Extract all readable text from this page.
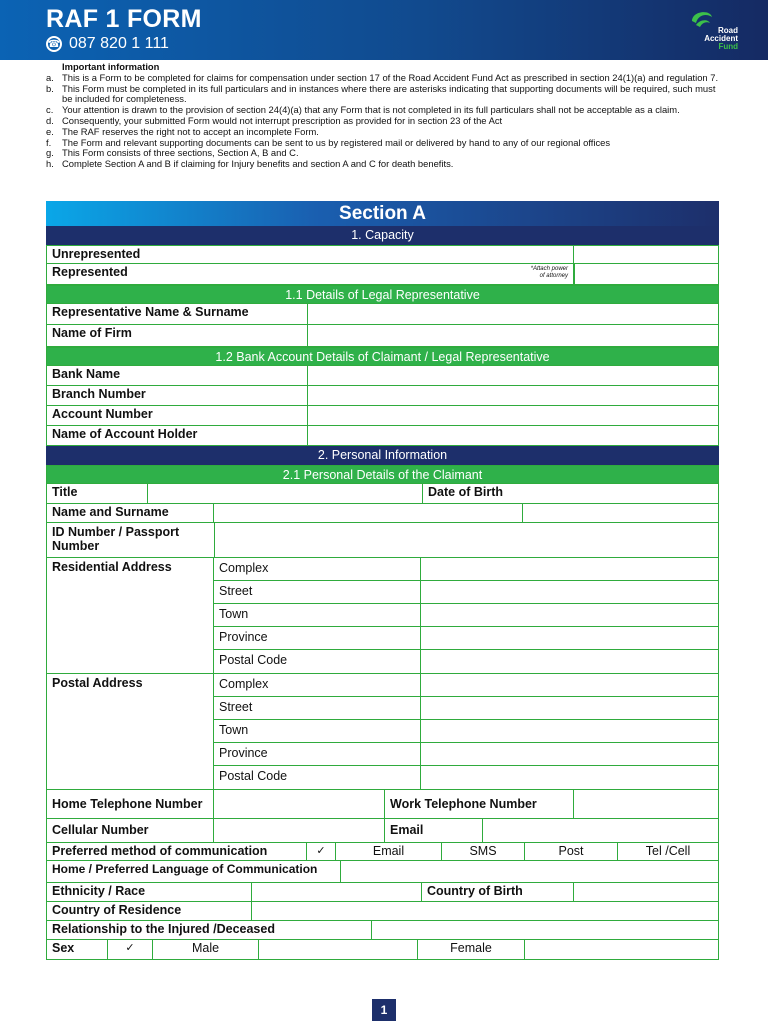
RAF 1 FORM
☎ 087 820 1 111
Road
Accident
Fund
Important information
a. This is a Form to be completed for claims for compensation under section 17 of the Road Accident Fund Act as prescribed in section 24(1)(a) and regulation 7.
b. This Form must be completed in its full particulars and in instances where there are asterisks indicating that supporting documents will be required, such must be included for completeness.
c. Your attention is drawn to the provision of section 24(4)(a) that any Form that is not completed in its full particulars shall not be acceptable as a claim.
d. Consequently, your submitted Form would not interrupt prescription as provided for in section 23 of the Act
e. The RAF reserves the right not to accept an incomplete Form.
f. The Form and relevant supporting documents can be sent to us by registered mail or delivered by hand to any of our regional offices
g. This Form consists of three sections, Section A, B and C.
h. Complete Section A and B if claiming for Injury benefits and section A and C for death benefits.
Section A
1. Capacity
Unrepresented
Represented	*Attach power
of attorney
1.1 Details of Legal Representative
Representative Name & Surname
Name of Firm
1.2 Bank Account Details of Claimant / Legal Representative
Bank Name
Branch Number
Account Number
Name of Account Holder
2. Personal Information
2.1 Personal Details of the Claimant
Title	Date of Birth
Name and Surname
ID Number / Passport
Number
Residential Address	Complex
Street
Town
Province
Postal Code
Postal Address	Complex
Street
Town
Province
Postal Code
Home Telephone Number	Work Telephone Number
Cellular Number	Email
Preferred method of communication	✓	Email	SMS	Post	Tel /Cell
Home / Preferred Language of Communication
Ethnicity / Race	Country of Birth
Country of Residence
Relationship to the Injured /Deceased
Sex	✓	Male	Female
1
